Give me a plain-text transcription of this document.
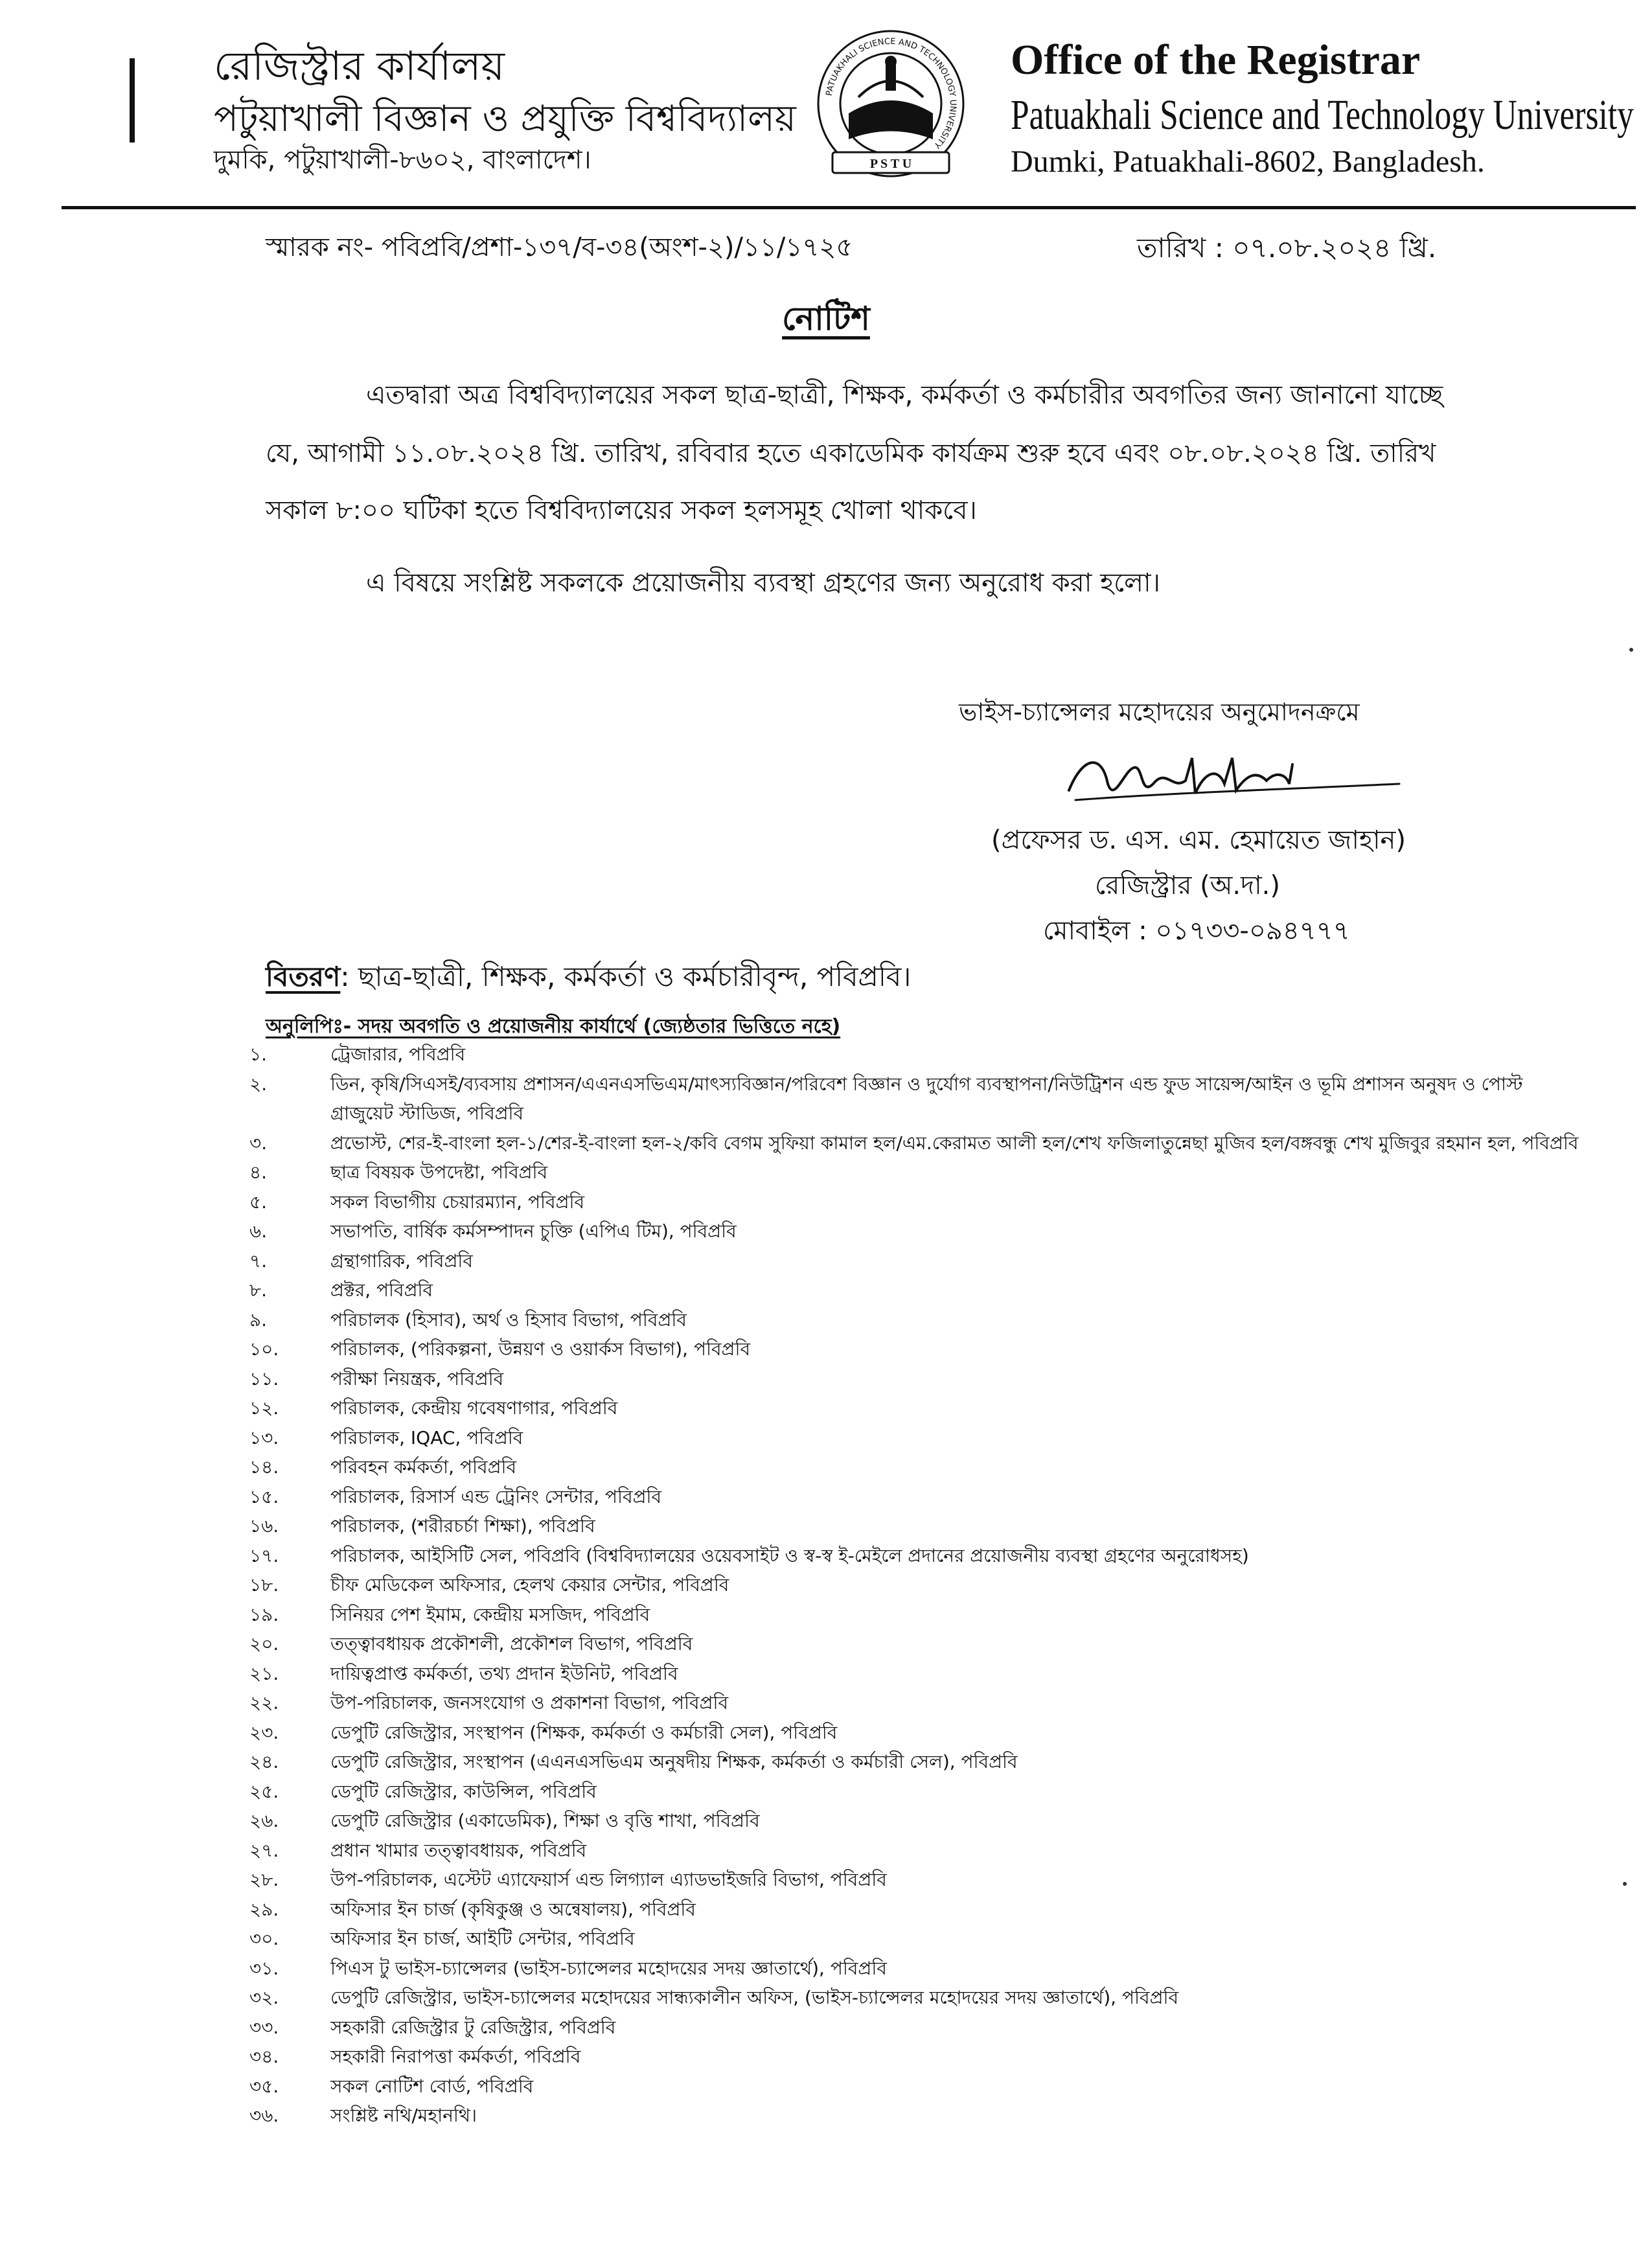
রেজিস্ট্রার কার্যালয়
পটুয়াখালী বিজ্ঞান ও প্রযুক্তি বিশ্ববিদ্যালয়
দুমকি, পটুয়াখালী-৮৬০২, বাংলাদেশ।
PATUAKHALI SCIENCE AND TECHNOLOGY UNIVERSITY
P S T U
Office of the Registrar
Patuakhali Science and Technology University
Dumki, Patuakhali-8602, Bangladesh.
স্মারক নং- পবিপ্রবি/প্রশা-১৩৭/ব-৩৪(অংশ-২)/১১/১৭২৫	তারিখ : ০৭.০৮.২০২৪ খ্রি.
নোটিশ
এতদ্বারা অত্র বিশ্ববিদ্যালয়ের সকল ছাত্র-ছাত্রী, শিক্ষক, কর্মকর্তা ও কর্মচারীর অবগতির জন্য জানানো যাচ্ছে
যে, আগামী ১১.০৮.২০২৪ খ্রি. তারিখ, রবিবার হতে একাডেমিক কার্যক্রম শুরু হবে এবং ০৮.০৮.২০২৪ খ্রি. তারিখ
সকাল ৮:০০ ঘটিকা হতে বিশ্ববিদ্যালয়ের সকল হলসমূহ খোলা থাকবে।
এ বিষয়ে সংশ্লিষ্ট সকলকে প্রয়োজনীয় ব্যবস্থা গ্রহণের জন্য অনুরোধ করা হলো।
ভাইস-চ্যান্সেলর মহোদয়ের অনুমোদনক্রমে
(প্রফেসর ড. এস. এম. হেমায়েত জাহান)
রেজিস্ট্রার (অ.দা.)
মোবাইল : ০১৭৩৩-০৯৪৭৭৭
বিতরণ: ছাত্র-ছাত্রী, শিক্ষক, কর্মকর্তা ও কর্মচারীবৃন্দ, পবিপ্রবি।
অনুলিপিঃ- সদয় অবগতি ও প্রয়োজনীয় কার্যার্থে (জ্যেষ্ঠতার ভিত্তিতে নহে)
১.	ট্রেজারার, পবিপ্রবি
২.	ডিন, কৃষি/সিএসই/ব্যবসায় প্রশাসন/এএনএসভিএম/মাৎস্যবিজ্ঞান/পরিবেশ বিজ্ঞান ও দুর্যোগ ব্যবস্থাপনা/নিউট্রিশন এন্ড ফুড সায়েন্স/আইন ও ভূমি প্রশাসন অনুষদ ও পোস্ট গ্রাজুয়েট স্টাডিজ, পবিপ্রবি
৩.	প্রভোস্ট, শের-ই-বাংলা হল-১/শের-ই-বাংলা হল-২/কবি বেগম সুফিয়া কামাল হল/এম.কেরামত আলী হল/শেখ ফজিলাতুন্নেছা মুজিব হল/বঙ্গবন্ধু শেখ মুজিবুর রহমান হল, পবিপ্রবি
৪.	ছাত্র বিষয়ক উপদেষ্টা, পবিপ্রবি
৫.	সকল বিভাগীয় চেয়ারম্যান, পবিপ্রবি
৬.	সভাপতি, বার্ষিক কর্মসম্পাদন চুক্তি (এপিএ টিম), পবিপ্রবি
৭.	গ্রন্থাগারিক, পবিপ্রবি
৮.	প্রক্টর, পবিপ্রবি
৯.	পরিচালক (হিসাব), অর্থ ও হিসাব বিভাগ, পবিপ্রবি
১০.	পরিচালক, (পরিকল্পনা, উন্নয়ণ ও ওয়ার্কস বিভাগ), পবিপ্রবি
১১.	পরীক্ষা নিয়ন্ত্রক, পবিপ্রবি
১২.	পরিচালক, কেন্দ্রীয় গবেষণাগার, পবিপ্রবি
১৩.	পরিচালক, IQAC, পবিপ্রবি
১৪.	পরিবহন কর্মকর্তা, পবিপ্রবি
১৫.	পরিচালক, রিসার্স এন্ড ট্রেনিং সেন্টার, পবিপ্রবি
১৬.	পরিচালক, (শরীরচর্চা শিক্ষা), পবিপ্রবি
১৭.	পরিচালক, আইসিটি সেল, পবিপ্রবি (বিশ্ববিদ্যালয়ের ওয়েবসাইট ও স্ব-স্ব ই-মেইলে প্রদানের প্রয়োজনীয় ব্যবস্থা গ্রহণের অনুরোধসহ)
১৮.	চীফ মেডিকেল অফিসার, হেলথ কেয়ার সেন্টার, পবিপ্রবি
১৯.	সিনিয়র পেশ ইমাম, কেন্দ্রীয় মসজিদ, পবিপ্রবি
২০.	তত্ত্বাবধায়ক প্রকৌশলী, প্রকৌশল বিভাগ, পবিপ্রবি
২১.	দায়িত্বপ্রাপ্ত কর্মকর্তা, তথ্য প্রদান ইউনিট, পবিপ্রবি
২২.	উপ-পরিচালক, জনসংযোগ ও প্রকাশনা বিভাগ, পবিপ্রবি
২৩.	ডেপুটি রেজিস্ট্রার, সংস্থাপন (শিক্ষক, কর্মকর্তা ও কর্মচারী সেল), পবিপ্রবি
২৪.	ডেপুটি রেজিস্ট্রার, সংস্থাপন (এএনএসভিএম অনুষদীয় শিক্ষক, কর্মকর্তা ও কর্মচারী সেল), পবিপ্রবি
২৫.	ডেপুটি রেজিস্ট্রার, কাউন্সিল, পবিপ্রবি
২৬.	ডেপুটি রেজিস্ট্রার (একাডেমিক), শিক্ষা ও বৃত্তি শাখা, পবিপ্রবি
২৭.	প্রধান খামার তত্ত্বাবধায়ক, পবিপ্রবি
২৮.	উপ-পরিচালক, এস্টেট এ্যাফেয়ার্স এন্ড লিগ্যাল এ্যাডভাইজরি বিভাগ, পবিপ্রবি
২৯.	অফিসার ইন চার্জ (কৃষিকুঞ্জ ও অন্বেষালয়), পবিপ্রবি
৩০.	অফিসার ইন চার্জ, আইটি সেন্টার, পবিপ্রবি
৩১.	পিএস টু ভাইস-চ্যান্সেলর (ভাইস-চ্যান্সেলর মহোদয়ের সদয় জ্ঞাতার্থে), পবিপ্রবি
৩২.	ডেপুটি রেজিস্ট্রার, ভাইস-চ্যান্সেলর মহোদয়ের সান্ধ্যকালীন অফিস, (ভাইস-চ্যান্সেলর মহোদয়ের সদয় জ্ঞাতার্থে), পবিপ্রবি
৩৩.	সহকারী রেজিস্ট্রার টু রেজিস্ট্রার, পবিপ্রবি
৩৪.	সহকারী নিরাপত্তা কর্মকর্তা, পবিপ্রবি
৩৫.	সকল নোটিশ বোর্ড, পবিপ্রবি
৩৬.	সংশ্লিষ্ট নথি/মহানথি।
